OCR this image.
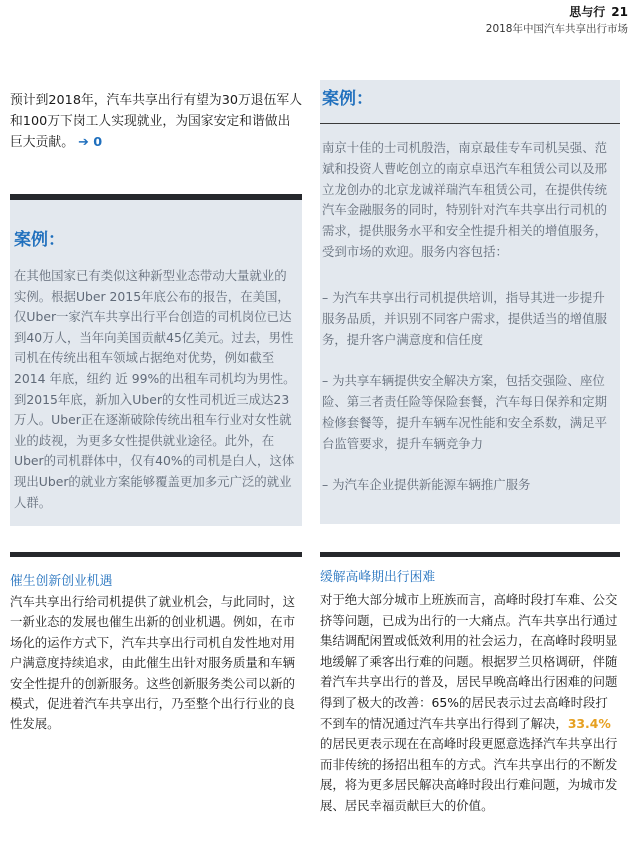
思与行 21
2018年中国汽车共享出行市场

预计到2018年，汽车共享出行有望为30万退伍军人和100万下岗工人实现就业，为国家安定和谐做出巨大贡献。 ➔ 0

案例：

在其他国家已有类似这种新型业态带动大量就业的实例。根据Uber 2015年底公布的报告，在美国，仅Uber一家汽车共享出行平台创造的司机岗位已达到40万人，当年向美国贡献45亿美元。过去，男性司机在传统出租车领域占据绝对优势，例如截至 2014 年底，纽约 近 99%的出租车司机均为男性。到2015年底，新加入Uber的女性司机近三成达23万人。Uber正在逐渐破除传统出租车行业对女性就业的歧视，为更多女性提供就业途径。此外，在Uber的司机群体中，仅有40%的司机是白人，这体现出Uber的就业方案能够覆盖更加多元广泛的就业人群。

催生创新创业机遇

汽车共享出行给司机提供了就业机会，与此同时，这一新业态的发展也催生出新的创业机遇。例如，在市场化的运作方式下，汽车共享出行司机自发性地对用户满意度持续追求，由此催生出针对服务质量和车辆安全性提升的创新服务。这些创新服务类公司以新的模式，促进着汽车共享出行，乃至整个出行行业的良性发展。

案例：

南京十佳的士司机殷浩，南京最佳专车司机吴强、范斌和投资人曹屹创立的南京卓迅汽车租赁公司以及邢立龙创办的北京龙诚祥瑞汽车租赁公司，在提供传统汽车金融服务的同时，特别针对汽车共享出行司机的需求，提供服务水平和安全性提升相关的增值服务，受到市场的欢迎。服务内容包括：

– 为汽车共享出行司机提供培训，指导其进一步提升服务品质，并识别不同客户需求，提供适当的增值服务，提升客户满意度和信任度

– 为共享车辆提供安全解决方案，包括交强险、座位险、第三者责任险等保险套餐，汽车每日保养和定期检修套餐等，提升车辆车况性能和安全系数，满足平台监管要求，提升车辆竞争力

– 为汽车企业提供新能源车辆推广服务

缓解高峰期出行困难

对于绝大部分城市上班族而言，高峰时段打车难、公交挤等问题，已成为出行的一大痛点。汽车共享出行通过集结调配闲置或低效利用的社会运力，在高峰时段明显地缓解了乘客出行难的问题。根据罗兰贝格调研，伴随着汽车共享出行的普及，居民早晚高峰出行困难的问题得到了极大的改善：65%的居民表示过去高峰时段打不到车的情况通过汽车共享出行得到了解决，33.4%的居民更表示现在在高峰时段更愿意选择汽车共享出行而非传统的扬招出租车的方式。汽车共享出行的不断发展，将为更多居民解决高峰时段出行难问题，为城市发展、居民幸福贡献巨大的价值。
